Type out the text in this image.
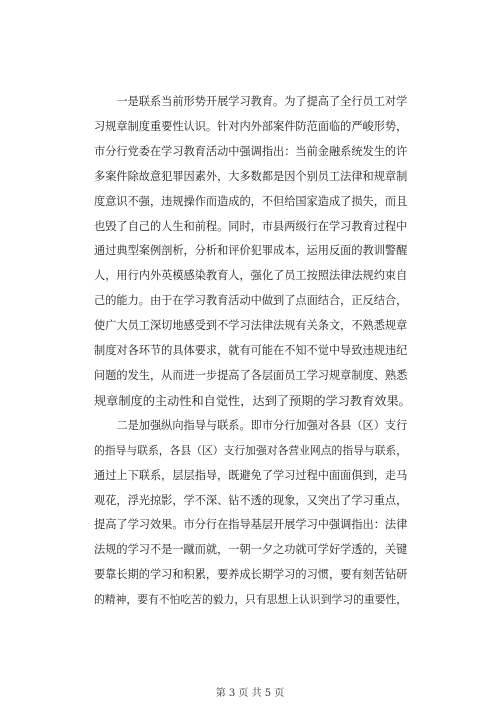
　　一是联系当前形势开展学习教育。为了提高了全行员工对学
习规章制度重要性认识。针对内外部案件防范面临的严峻形势，
市分行党委在学习教育活动中强调指出：当前金融系统发生的许
多案件除故意犯罪因素外，大多数都是因个别员工法律和规章制
度意识不强，违规操作而造成的，不但给国家造成了损失，而且
也毁了自己的人生和前程。同时，市县两级行在学习教育过程中
通过典型案例剖析，分析和评价犯罪成本，运用反面的教训警醒
人，用行内外英模感染教育人，强化了员工按照法律法规约束自
己的能力。由于在学习教育活动中做到了点面结合，正反结合，
使广大员工深切地感受到不学习法律法规有关条文，不熟悉规章
制度对各环节的具体要求，就有可能在不知不觉中导致违规违纪
问题的发生，从而进一步提高了各层面员工学习规章制度、熟悉
规章制度的主动性和自觉性，达到了预期的学习教育效果。
　　二是加强纵向指导与联系。即市分行加强对各县（区）支行
的指导与联系，各县（区）支行加强对各营业网点的指导与联系，
通过上下联系，层层指导，既避免了学习过程中面面俱到，走马
观花，浮光掠影，学不深、钻不透的现象，又突出了学习重点，
提高了学习效果。市分行在指导基层开展学习中强调指出：法律
法规的学习不是一蹴而就，一朝一夕之功就可学好学透的，关键
要靠长期的学习和积累，要养成长期学习的习惯，要有刻苦钻研
的精神，要有不怕吃苦的毅力，只有思想上认识到学习的重要性，
第 3 页 共 5 页
